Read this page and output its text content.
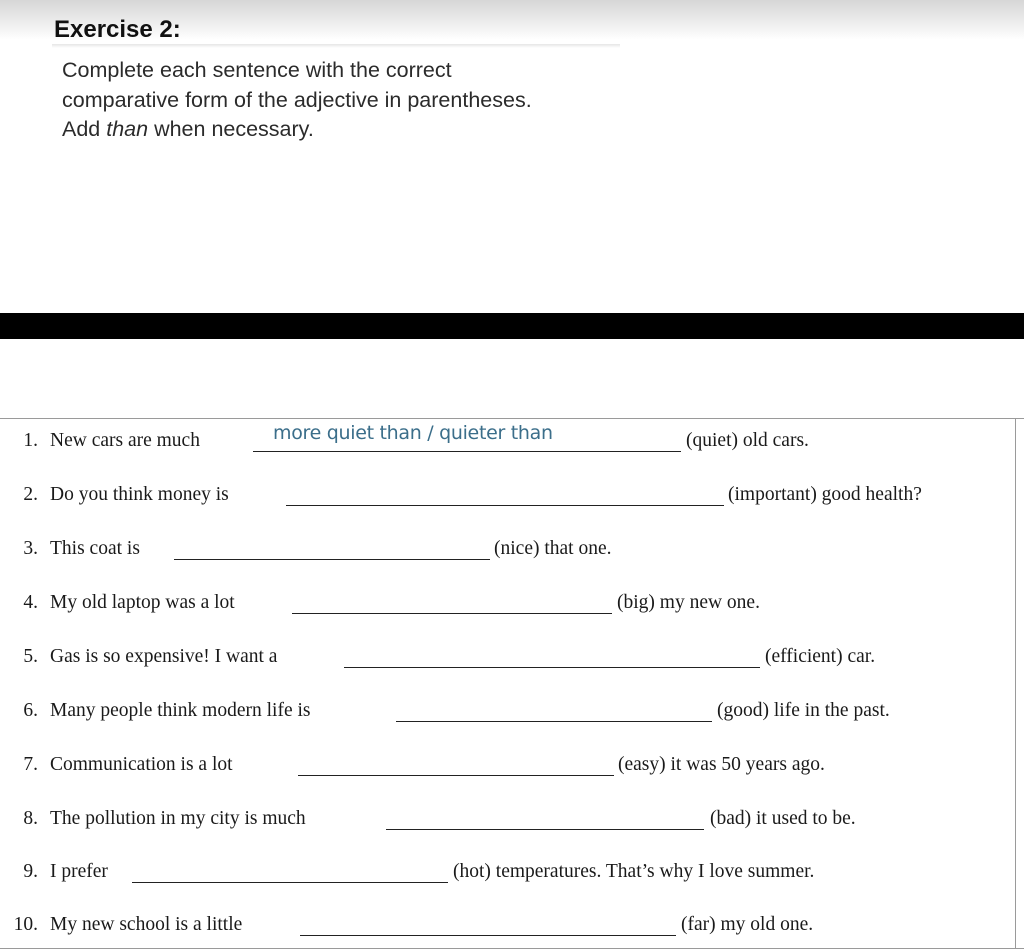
Exercise 2:
Complete each sentence with the correct
comparative form of the adjective in parentheses.
Add than when necessary.
1. New cars are much	more quiet than / quieter than	(quiet) old cars.
2. Do you think money is	(important) good health?
3. This coat is	(nice) that one.
4. My old laptop was a lot	(big) my new one.
5. Gas is so expensive! I want a	(efficient) car.
6. Many people think modern life is	(good) life in the past.
7. Communication is a lot	(easy) it was 50 years ago.
8. The pollution in my city is much	(bad) it used to be.
9. I prefer	(hot) temperatures. That’s why I love summer.
10. My new school is a little	(far) my old one.
